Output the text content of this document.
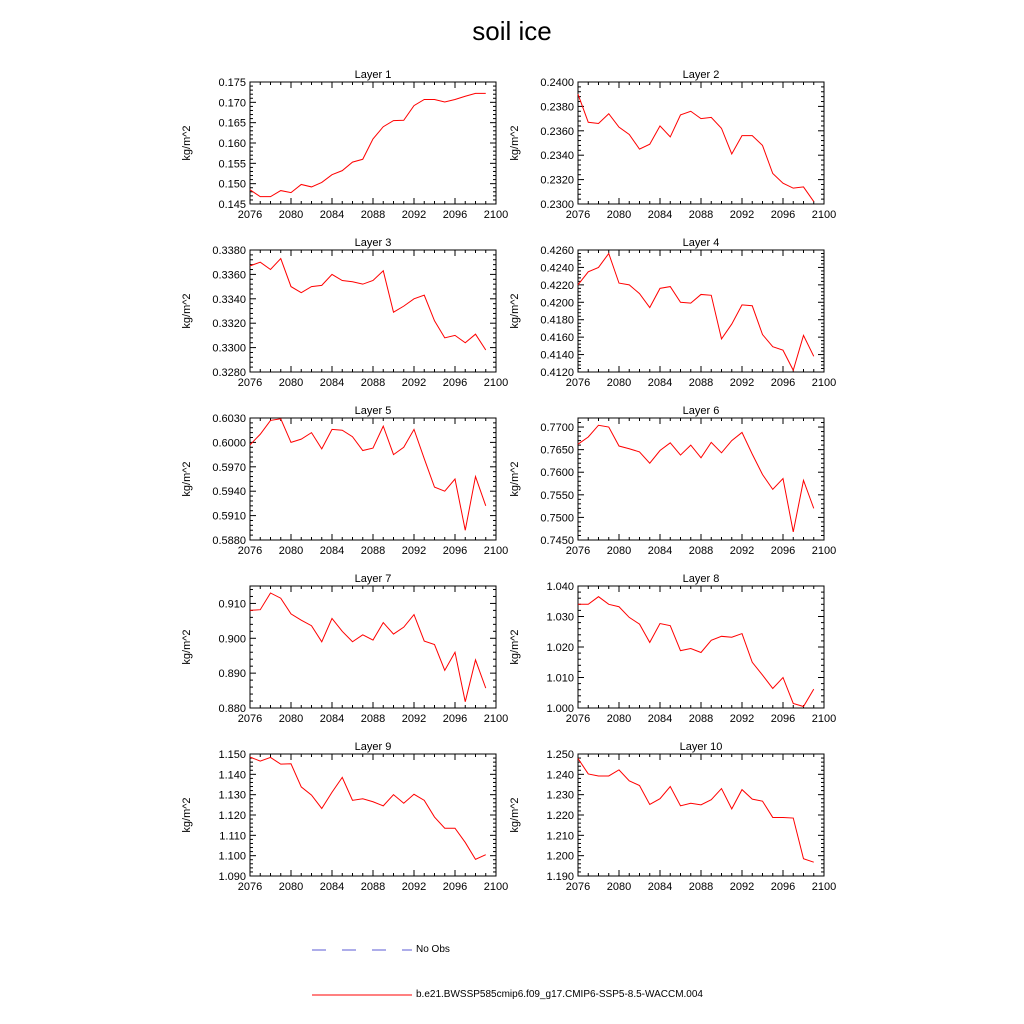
soil ice
Layer 1
kg/m^2
2076 2080 2084 2088 2092 2096 2100
0.145
0.150
0.155
0.160
0.165
0.170
0.175
Layer 2
kg/m^2
2076 2080 2084 2088 2092 2096 2100
0.2300
0.2320
0.2340
0.2360
0.2380
0.2400
Layer 3
kg/m^2
2076 2080 2084 2088 2092 2096 2100
0.3280
0.3300
0.3320
0.3340
0.3360
0.3380
Layer 4
kg/m^2
2076 2080 2084 2088 2092 2096 2100
0.4120
0.4140
0.4160
0.4180
0.4200
0.4220
0.4240
0.4260
Layer 5
kg/m^2
2076 2080 2084 2088 2092 2096 2100
0.5880
0.5910
0.5940
0.5970
0.6000
0.6030
Layer 6
kg/m^2
2076 2080 2084 2088 2092 2096 2100
0.7450
0.7500
0.7550
0.7600
0.7650
0.7700
Layer 7
kg/m^2
2076 2080 2084 2088 2092 2096 2100
0.880
0.890
0.900
0.910
Layer 8
kg/m^2
2076 2080 2084 2088 2092 2096 2100
1.000
1.010
1.020
1.030
1.040
Layer 9
kg/m^2
2076 2080 2084 2088 2092 2096 2100
1.090
1.100
1.110
1.120
1.130
1.140
1.150
Layer 10
kg/m^2
2076 2080 2084 2088 2092 2096 2100
1.190
1.200
1.210
1.220
1.230
1.240
1.250
No Obs
b.e21.BWSSP585cmip6.f09_g17.CMIP6-SSP5-8.5-WACCM.004
